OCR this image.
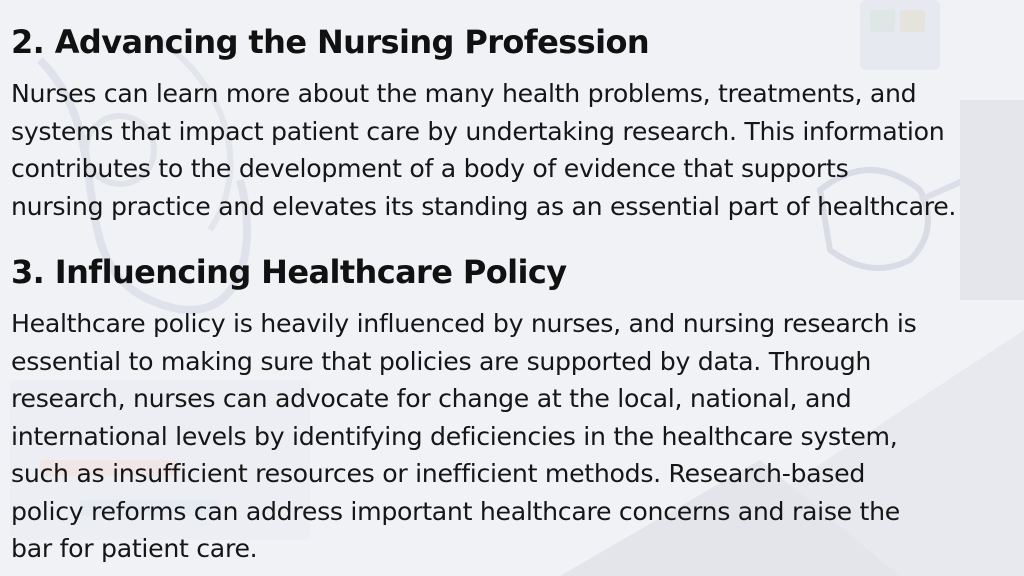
2. Advancing the Nursing Profession
Nurses can learn more about the many health problems, treatments, and
systems that impact patient care by undertaking research. This information
contributes to the development of a body of evidence that supports
nursing practice and elevates its standing as an essential part of healthcare.
3. Influencing Healthcare Policy
Healthcare policy is heavily influenced by nurses, and nursing research is
essential to making sure that policies are supported by data. Through
research, nurses can advocate for change at the local, national, and
international levels by identifying deficiencies in the healthcare system,
such as insufficient resources or inefficient methods. Research-based
policy reforms can address important healthcare concerns and raise the
bar for patient care.
